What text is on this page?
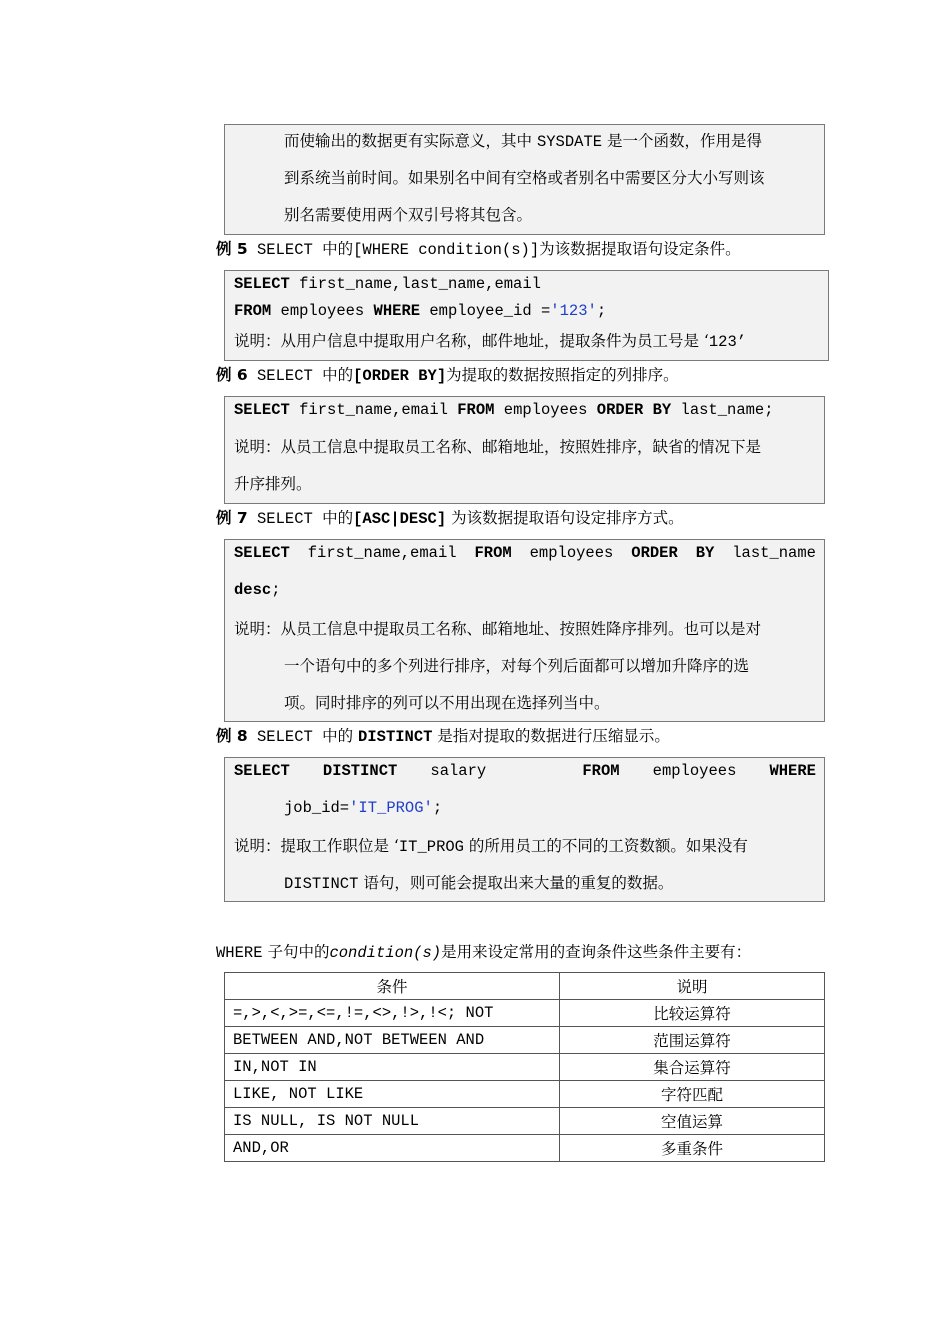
而使输出的数据更有实际意义，其中 SYSDATE 是一个函数，作用是得
到系统当前时间。如果别名中间有空格或者别名中需要区分大小写则该
别名需要使用两个双引号将其包含。
例 5 SELECT 中的[WHERE condition(s)]为该数据提取语句设定条件。
SELECT first_name,last_name,email
FROM employees WHERE employee_id ='123';
说明：从用户信息中提取用户名称，邮件地址，提取条件为员工号是 ‘123’
例 6 SELECT 中的[ORDER BY]为提取的数据按照指定的列排序。
SELECT first_name,email FROM employees ORDER BY last_name;
说明：从员工信息中提取员工名称、邮箱地址，按照姓排序，缺省的情况下是
升序排列。
例 7 SELECT 中的[ASC|DESC] 为该数据提取语句设定排序方式。
SELECT first_name,email FROM employees ORDER BY last_name
desc;
说明：从员工信息中提取员工名称、邮箱地址、按照姓降序排列。也可以是对
一个语句中的多个列进行排序，对每个列后面都可以增加升降序的选
项。同时排序的列可以不用出现在选择列当中。
例 8 SELECT 中的 DISTINCT 是指对提取的数据进行压缩显示。
SELECT DISTINCT salary	FROM employees WHERE
job_id='IT_PROG';
说明：提取工作职位是 ‘IT_PROG 的所用员工的不同的工资数额。如果没有
DISTINCT 语句，则可能会提取出来大量的重复的数据。
WHERE 子句中的condition(s)是用来设定常用的查询条件这些条件主要有：
条件	说明
=,>,<,>=,<=,!=,<>,!>,!<; NOT	比较运算符
BETWEEN AND,NOT BETWEEN AND	范围运算符
IN,NOT IN	集合运算符
LIKE, NOT LIKE	字符匹配
IS NULL, IS NOT NULL	空值运算
AND,OR	多重条件
